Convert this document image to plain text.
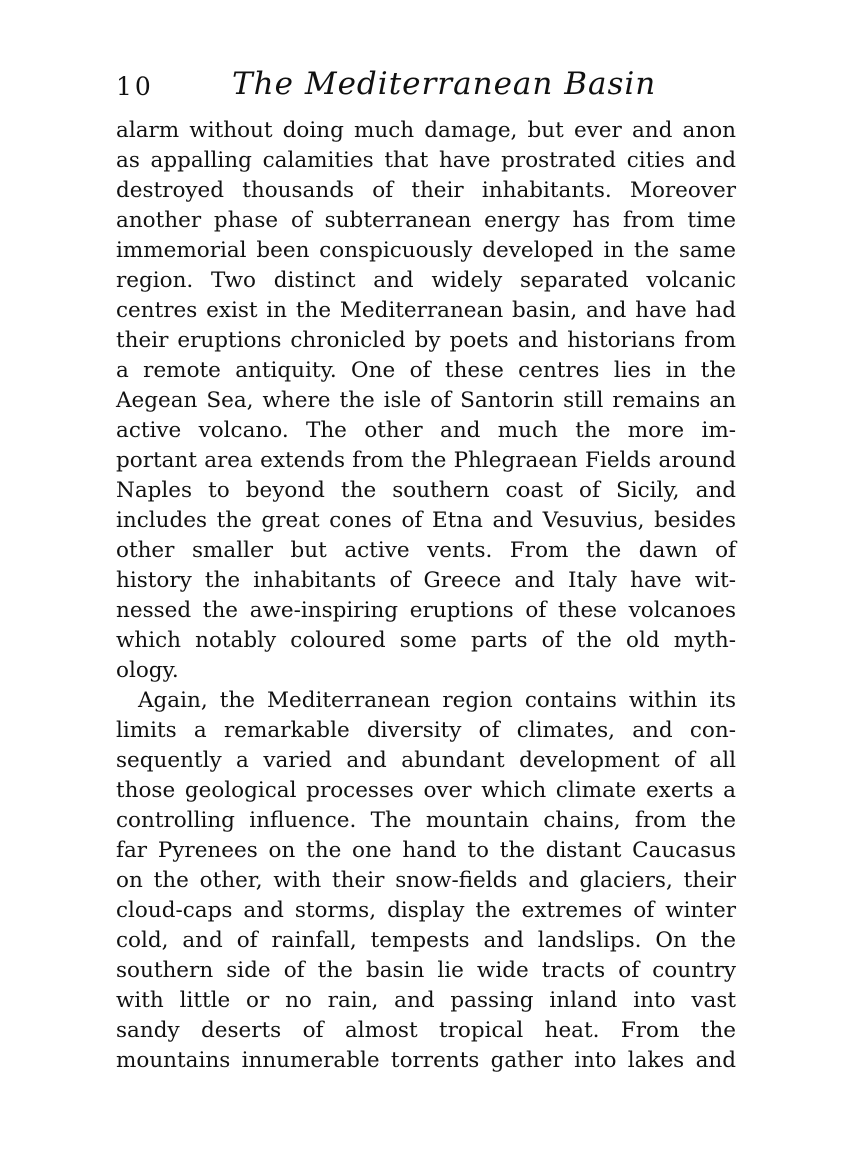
10	The Mediterranean Basin
alarm without doing much damage, but ever and anon
as appalling calamities that have prostrated cities and
destroyed thousands of their inhabitants. Moreover
another phase of subterranean energy has from time
immemorial been conspicuously developed in the same
region. Two distinct and widely separated volcanic
centres exist in the Mediterranean basin, and have had
their eruptions chronicled by poets and historians from
a remote antiquity. One of these centres lies in the
Aegean Sea, where the isle of Santorin still remains an
active volcano. The other and much the more im-
portant area extends from the Phlegraean Fields around
Naples to beyond the southern coast of Sicily, and
includes the great cones of Etna and Vesuvius, besides
other smaller but active vents. From the dawn of
history the inhabitants of Greece and Italy have wit-
nessed the awe-inspiring eruptions of these volcanoes
which notably coloured some parts of the old myth-
ology.
Again, the Mediterranean region contains within its
limits a remarkable diversity of climates, and con-
sequently a varied and abundant development of all
those geological processes over which climate exerts a
controlling influence. The mountain chains, from the
far Pyrenees on the one hand to the distant Caucasus
on the other, with their snow-fields and glaciers, their
cloud-caps and storms, display the extremes of winter
cold, and of rainfall, tempests and landslips. On the
southern side of the basin lie wide tracts of country
with little or no rain, and passing inland into vast
sandy deserts of almost tropical heat. From the
mountains innumerable torrents gather into lakes and
